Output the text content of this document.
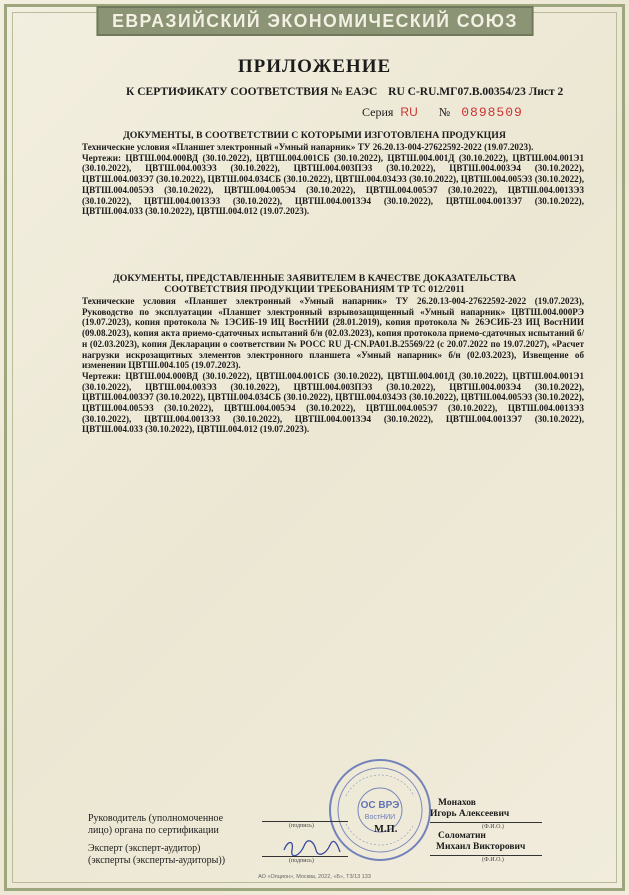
ЕВРАЗИЙСКИЙ ЭКОНОМИЧЕСКИЙ СОЮЗ
ПРИЛОЖЕНИЕ
К СЕРТИФИКАТУ СООТВЕТСТВИЯ № ЕАЭС RU С-RU.МГ07.В.00354/23 Лист 2
Серия RU № 0898509
ДОКУМЕНТЫ, В СООТВЕТСТВИИ С КОТОРЫМИ ИЗГОТОВЛЕНА ПРОДУКЦИЯ

Технические условия «Планшет электронный «Умный напарник» ТУ 26.20.13-004-27622592-2022 (19.07.2023).

Чертежи: ЦВТШ.004.000ВД (30.10.2022), ЦВТШ.004.001СБ (30.10.2022), ЦВТШ.004.001Д (30.10.2022), ЦВТШ.004.001Э1 (30.10.2022), ЦВТШ.004.003Э3 (30.10.2022), ЦВТШ.004.003ПЭ3 (30.10.2022), ЦВТШ.004.003Э4 (30.10.2022), ЦВТШ.004.003Э7 (30.10.2022), ЦВТШ.004.034СБ (30.10.2022), ЦВТШ.004.034Э3 (30.10.2022), ЦВТШ.004.005Э3 (30.10.2022), ЦВТШ.004.005Э3 (30.10.2022), ЦВТШ.004.005Э4 (30.10.2022), ЦВТШ.004.005Э7 (30.10.2022), ЦВТШ.004.0013Э3 (30.10.2022), ЦВТШ.004.0013Э3 (30.10.2022), ЦВТШ.004.0013Э4 (30.10.2022), ЦВТШ.004.0013Э7 (30.10.2022), ЦВТШ.004.033 (30.10.2022), ЦВТШ.004.012 (19.07.2023).

ДОКУМЕНТЫ, ПРЕДСТАВЛЕННЫЕ ЗАЯВИТЕЛЕМ В КАЧЕСТВЕ ДОКАЗАТЕЛЬСТВА
СООТВЕТСТВИЯ ПРОДУКЦИИ ТРЕБОВАНИЯМ ТР ТС 012/2011

Технические условия «Планшет электронный «Умный напарник» ТУ 26.20.13-004-27622592-2022 (19.07.2023), Руководство по эксплуатации «Планшет электронный взрывозащищенный «Умный напарник» ЦВТШ.004.000РЭ (19.07.2023), копия протокола № 1ЭСИБ-19 ИЦ ВостНИИ (28.01.2019), копия протокола № 26ЭСИБ-23 ИЦ ВостНИИ (09.08.2023), копия акта приемо-сдаточных испытаний б/н (02.03.2023), копия протокола приемо-сдаточных испытаний б/н (02.03.2023), копия Декларации о соответствии № РОСС RU Д-CN.PA01.В.25569/22 (с 20.07.2022 по 19.07.2027), «Расчет нагрузки искрозащитных элементов электронного планшета «Умный напарник» б/н (02.03.2023), Извещение об изменении ЦВТШ.004.105 (19.07.2023).

Чертежи: ЦВТШ.004.000ВД (30.10.2022), ЦВТШ.004.001СБ (30.10.2022), ЦВТШ.004.001Д (30.10.2022), ЦВТШ.004.001Э1 (30.10.2022), ЦВТШ.004.003Э3 (30.10.2022), ЦВТШ.004.003ПЭ3 (30.10.2022), ЦВТШ.004.003Э4 (30.10.2022), ЦВТШ.004.003Э7 (30.10.2022), ЦВТШ.004.034СБ (30.10.2022), ЦВТШ.004.034Э3 (30.10.2022), ЦВТШ.004.005Э3 (30.10.2022), ЦВТШ.004.005Э3 (30.10.2022), ЦВТШ.004.005Э4 (30.10.2022), ЦВТШ.004.005Э7 (30.10.2022), ЦВТШ.004.0013Э3 (30.10.2022), ЦВТШ.004.0013Э3 (30.10.2022), ЦВТШ.004.0013Э4 (30.10.2022), ЦВТШ.004.0013Э7 (30.10.2022), ЦВТШ.004.033 (30.10.2022), ЦВТШ.004.012 (19.07.2023).

ОС ВРЭ
ВостНИИ
Руководитель (уполномоченное
лицо) органа по сертификации	(подпись)
Монахов
Игорь Алексеевич
(Ф.И.О.)
М.П.
Эксперт (эксперт-аудитор)
(эксперты (эксперты-аудиторы))	(подпись)
Соломатин
Михаил Викторович
(Ф.И.О.)
АО «Опцион», Москва, 2022, «Б», Т3/13 133
